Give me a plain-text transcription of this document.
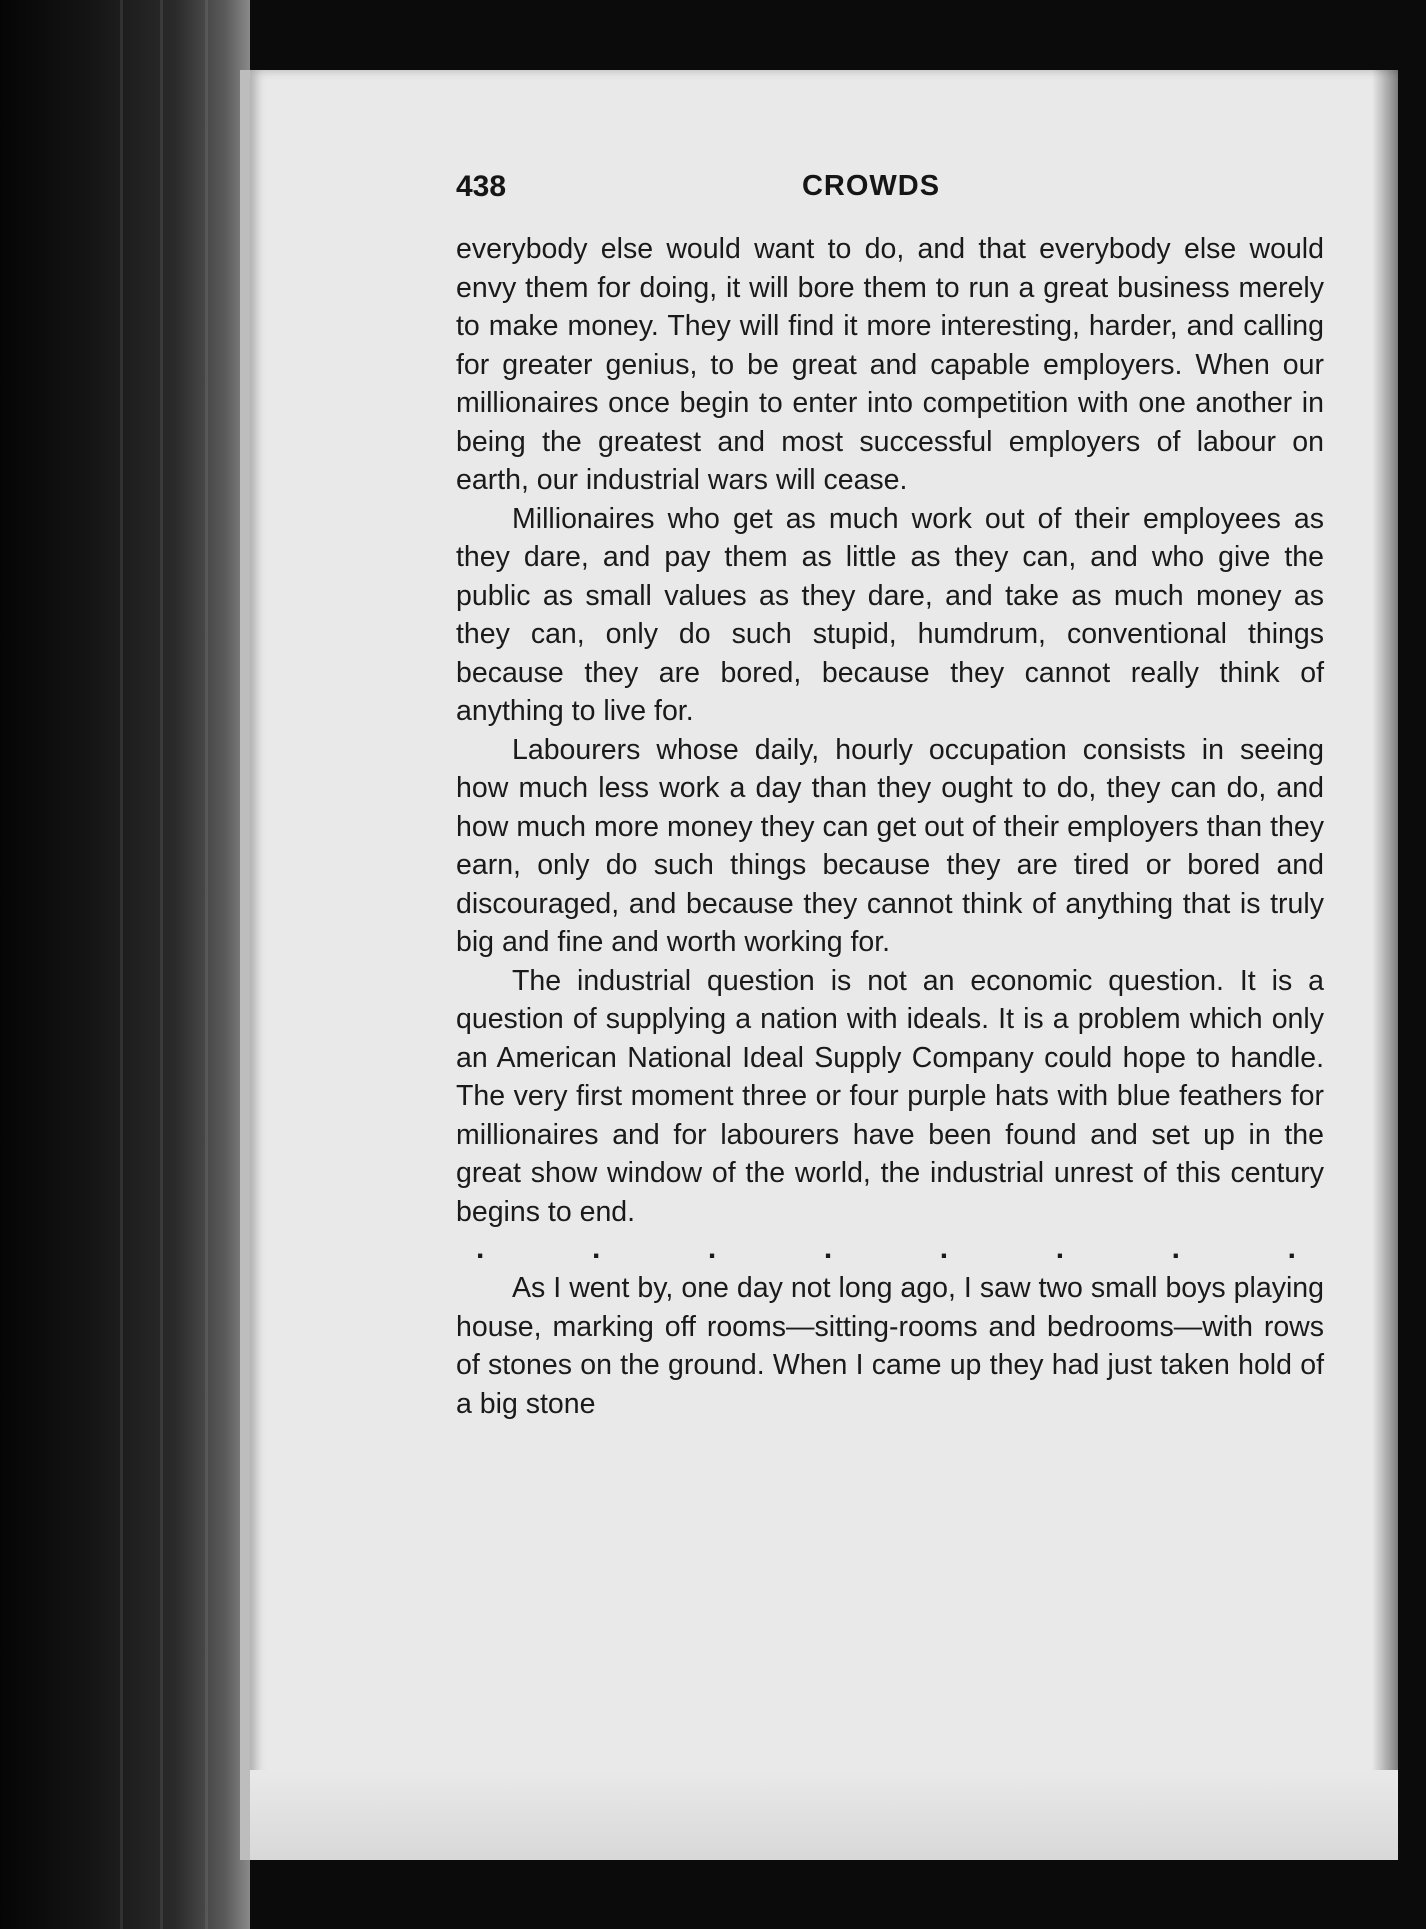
438	CROWDS

everybody else would want to do, and that everybody else would envy them for doing, it will bore them to run a great business merely to make money. They will find it more interesting, harder, and calling for greater genius, to be great and capable employers. When our millionaires once begin to enter into competition with one another in being the greatest and most successful employers of labour on earth, our industrial wars will cease.

Millionaires who get as much work out of their employees as they dare, and pay them as little as they can, and who give the public as small values as they dare, and take as much money as they can, only do such stupid, humdrum, conventional things because they are bored, because they cannot really think of anything to live for.

Labourers whose daily, hourly occupation consists in seeing how much less work a day than they ought to do, they can do, and how much more money they can get out of their employers than they earn, only do such things because they are tired or bored and discouraged, and because they cannot think of anything that is truly big and fine and worth working for.

The industrial question is not an economic question. It is a question of supplying a nation with ideals. It is a problem which only an American National Ideal Supply Company could hope to handle. The very first moment three or four purple hats with blue feathers for millionaires and for labourers have been found and set up in the great show window of the world, the industrial unrest of this century begins to end.

.	.	.	.	.	.	.	.

As I went by, one day not long ago, I saw two small boys playing house, marking off rooms—sitting-rooms and bedrooms—with rows of stones on the ground. When I came up they had just taken hold of a big stone
